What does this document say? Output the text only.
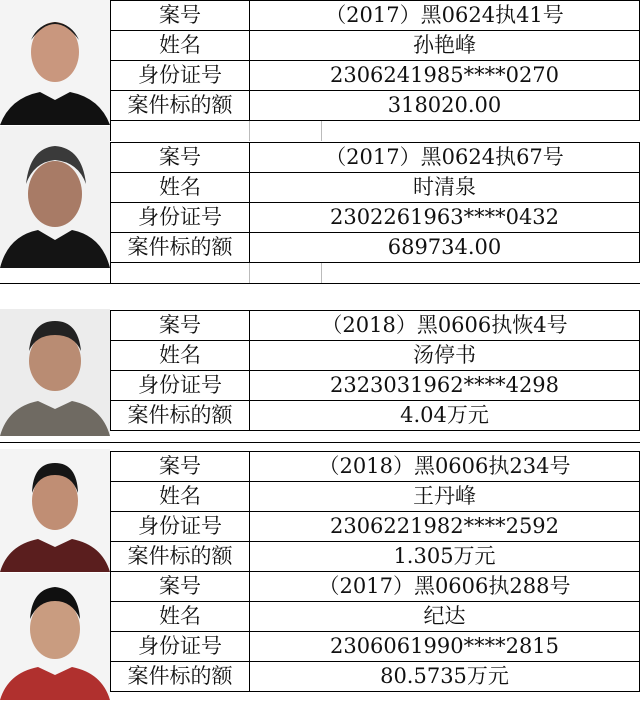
案号	（2017）黑0624执41号
姓名	孙艳峰
身份证号	2306241985****0270
案件标的额	318020.00
案号	（2017）黑0624执67号
姓名	时清泉
身份证号	2302261963****0432
案件标的额	689734.00
案号	（2018）黑0606执恢4号
姓名	汤停书
身份证号	2323031962****4298
案件标的额	4.04万元
案号	（2018）黑0606执234号
姓名	王丹峰
身份证号	2306221982****2592
案件标的额	1.305万元
案号	（2017）黑0606执288号
姓名	纪达
身份证号	2306061990****2815
案件标的额	80.5735万元
